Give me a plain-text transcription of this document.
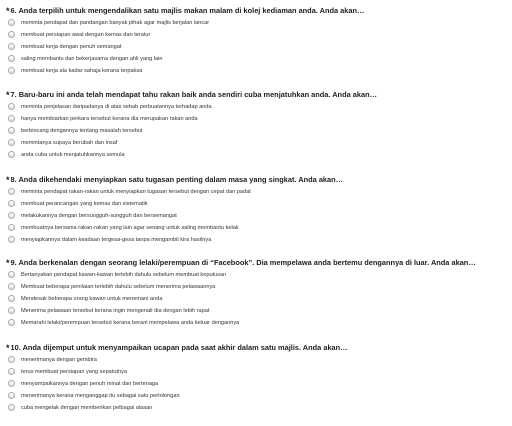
*6. Anda terpilih untuk mengendalikan satu majlis makan malam di kolej kediaman anda. Anda akan…
meminta pendapat dan pandangan banyak pihak agar majlis berjalan lancar
membuat persiapan awal dengan kemas dan teratur
membuat kerja dengan penuh semangat
saling membantu dan bekerjasama dengan ahli yang lain
membuat kerja ala kadar sahaja kerana terpaksa
*7. Baru-baru ini anda telah mendapat tahu rakan baik anda sendiri cuba menjatuhkan anda. Anda akan…
meminta penjelasan daripadanya di atas sebab perbuatannya terhadap anda
hanya membiarkan perkara tersebut kerana dia merupakan rakan anda
berbincang dengannya tentang masalah tersebut
memintanya supaya berubah dan insaf
anda cuba untuk menjatuhkannya semula
*8. Anda dikehendaki menyiapkan satu tugasan penting dalam masa yang singkat. Anda akan…
meminta pendapat rakan-rakan untuk menyiapkan tugasan tersebut dengan cepat dan padat
membuat perancangan yang kemas dan sistematik
melakukannya dengan bersungguh-sungguh dan bersemangat
membuatnya bersama rakan-rakan yang lain agar senang untuk saling membantu kelak
menyiapkannya dalam keadaan tergesa-gesa tanpa mengambil kira hasilnya
*9. Anda berkenalan dengan seorang lelaki/perempuan di “Facebook”. Dia mempelawa anda bertemu dengannya di luar. Anda akan…
Bertanyakan pendapat kawan-kawan terlebih dahulu sebelum membuat keputusan
Membuat beberapa penilaian terlebih dahulu sebelum menerima pelawaannya
Mendesak beberapa orang kawan untuk menemani anda
Menerima pelawaan tersebut kerana ingin mengenali dia dengan lebih rapat
Memarahi lelaki/perempuan tersebut kerana berani mempelawa anda keluar dengannya
*10. Anda dijemput untuk menyampaikan ucapan pada saat akhir dalam satu majlis. Anda akan…
menerimanya dengan gembira
terus membuat persiapan yang sepatutnya
menyampaikannya dengan penuh minat dan bertenaga
menerimanya kerana menganggap itu sebagai satu pertolongan
cuba mengelak dengan memberikan pelbagai alasan
